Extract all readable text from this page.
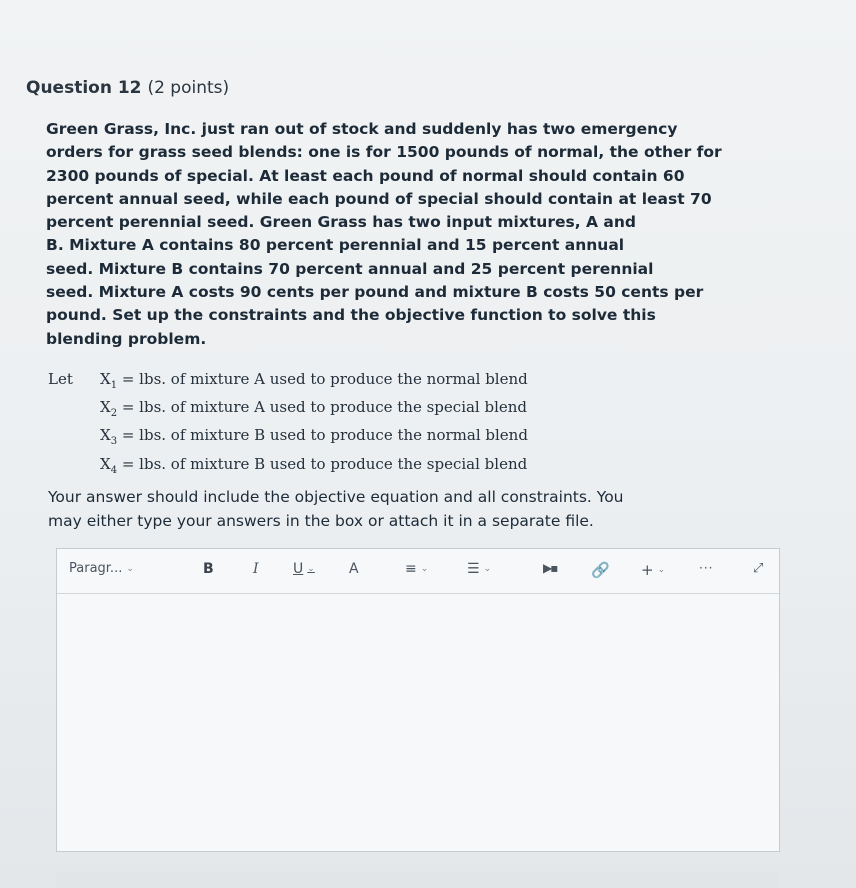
Question 12 (2 points)
Green Grass, Inc. just ran out of stock and suddenly has two emergency
orders for grass seed blends: one is for 1500 pounds of normal, the other for
2300 pounds of special. At least each pound of normal should contain 60
percent annual seed, while each pound of special should contain at least 70
percent perennial seed. Green Grass has two input mixtures, A and
B. Mixture A contains 80 percent perennial and 15 percent annual
seed. Mixture B contains 70 percent annual and 25 percent perennial
seed. Mixture A costs 90 cents per pound and mixture B costs 50 cents per
pound. Set up the constraints and the objective function to solve this
blending problem.
Let $X_1$ = lbs. of mixture A used to produce the normal blend
$X_2$ = lbs. of mixture A used to produce the special blend
$X_3$ = lbs. of mixture B used to produce the normal blend
$X_4$ = lbs. of mixture B used to produce the special blend
Your answer should include the objective equation and all constraints. You
may either type your answers in the box or attach it in a separate file.
Paragr... ⌄	B	I U ⌄ A	≡ ⌄	☰ ⌄	▶▪ 🔗 + ⌄	···	⤢
